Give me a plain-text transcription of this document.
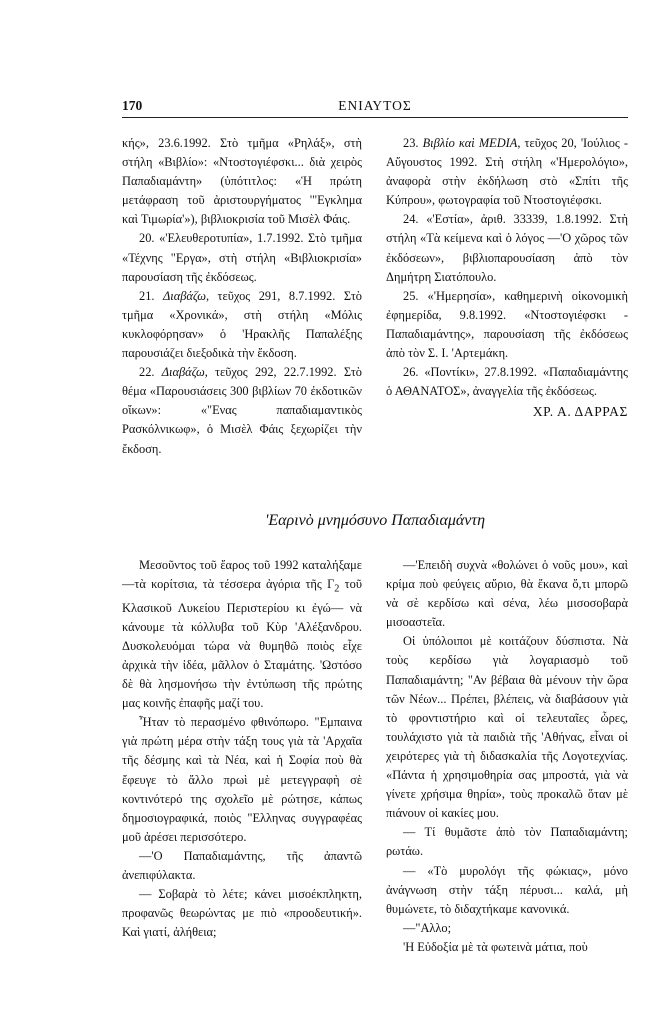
170	ΕΝΙΑΥΤΟΣ

κής», 23.6.1992. Στὸ τμῆμα «Ρηλάξ», στὴ στήλη «Βιβλίο»: «Ντοστογιέφσκι... διὰ χειρὸς Παπαδιαμάντη» (ὑπότιτλος: «Ἡ πρώτη μετάφραση τοῦ ἀριστουργήματος '"Εγκλημα καὶ Τιμωρία'»), βιβλιοκρισία τοῦ Μισὲλ Φάις.

20. «'Ελευθεροτυπία», 1.7.1992. Στὸ τμῆμα «Τέχνης "Εργα», στὴ στήλη «Βιβλιοκρισία» παρουσίαση τῆς ἐκδόσεως.

21. Διαβάζω, τεῦχος 291, 8.7.1992. Στὸ τμῆμα «Χρονικά», στὴ στήλη «Μόλις κυκλοφόρησαν» ὁ 'Ηρακλῆς Παπαλέξης παρουσιάζει διεξοδικὰ τὴν ἔκδοση.

22. Διαβάζω, τεῦχος 292, 22.7.1992. Στὸ θέμα «Παρουσιάσεις 300 βιβλίων 70 ἐκδοτικῶν οἴκων»: «"Ενας παπαδιαμαντικὸς Ρασκόλνικωφ», ὁ Μισὲλ Φάις ξεχωρίζει τὴν ἔκδοση.

23. Βιβλίο καὶ MEDIA, τεῦχος 20, 'Ιούλιος - Αὔγουστος 1992. Στὴ στήλη «'Ημερολόγιο», ἀναφορὰ στὴν ἐκδήλωση στὸ «Σπίτι τῆς Κύπρου», φωτογραφία τοῦ Ντοστογιέφσκι.

24. «'Εστία», ἀριθ. 33339, 1.8.1992. Στὴ στήλη «Τὰ κείμενα καὶ ὁ λόγος —'Ο χῶρος τῶν ἐκδόσεων», βιβλιοπαρουσίαση ἀπὸ τὸν Δημήτρη Σιατόπουλο.

25. «'Ημερησία», καθημερινὴ οἰκονομικὴ ἐφημερίδα, 9.8.1992. «Ντοστογιέφσκι - Παπαδιαμάντης», παρουσίαση τῆς ἐκδόσεως ἀπὸ τὸν Σ. Ι. 'Αρτεμάκη.

26. «Ποντίκι», 27.8.1992. «Παπαδιαμάντης ὁ ΑΘΑΝΑΤΟΣ», ἀναγγελία τῆς ἐκδόσεως.

ΧΡ. Α. ΔΑΡΡΑΣ
'Εαρινὸ μνημόσυνο Παπαδιαμάντη

Μεσοῦντος τοῦ ἔαρος τοῦ 1992 καταλήξαμε —τὰ κορίτσια, τὰ τέσσερα ἀγόρια τῆς $\Gamma_2$ τοῦ Κλασικοῦ Λυκείου Περιστερίου κι ἐγώ— νὰ κάνουμε τὰ κόλλυβα τοῦ Κὺρ 'Αλέξανδρου. Δυσκολευόμαι τώρα νὰ θυμηθῶ ποιὸς εἶχε ἀρχικὰ τὴν ἰδέα, μᾶλλον ὁ Σταμάτης. 'Ωστόσο δὲ θὰ λησμονήσω τὴν ἐντύπωση τῆς πρώτης μας κοινῆς ἐπαφῆς μαζί του.

Ἦταν τὸ περασμένο φθινόπωρο. "Εμπαινα γιὰ πρώτη μέρα στὴν τάξη τους γιὰ τὰ 'Αρχαῖα τῆς δέσμης καὶ τὰ Νέα, καὶ ἡ Σοφία ποὺ θὰ ἔφευγε τὸ ἄλλο πρωὶ μὲ μετεγγραφὴ σὲ κοντινότερό της σχολεῖο μὲ ρώτησε, κάπως δημοσιογραφικά, ποιὸς "Ελληνας συγγραφέας μοῦ ἀρέσει περισσότερο.

—'Ο Παπαδιαμάντης, τῆς ἀπαντῶ ἀνεπιφύλακτα.

— Σοβαρὰ τὸ λέτε; κάνει μισοέκπληκτη, προφανῶς θεωρώντας με πιὸ «προοδευτική». Καὶ γιατί, ἀλήθεια;

—'Επειδὴ συχνὰ «θολώνει ὁ νοῦς μου», καὶ κρίμα ποὺ φεύγεις αὔριο, θὰ ἔκανα ὅ,τι μπορῶ νὰ σὲ κερδίσω καὶ σένα, λέω μισοσοβαρὰ μισοαστεῖα.

Οἱ ὑπόλοιποι μὲ κοιτάζουν δύσπιστα. Νὰ τοὺς κερδίσω γιὰ λογαριασμὸ τοῦ Παπαδιαμάντη; "Αν βέβαια θὰ μένουν τὴν ὥρα τῶν Νέων... Πρέπει, βλέπεις, νὰ διαβάσουν γιὰ τὸ φροντιστήριο καὶ οἱ τελευταῖες ὧρες, τουλάχιστο γιὰ τὰ παιδιὰ τῆς 'Αθήνας, εἶναι οἱ χειρότερες γιὰ τὴ διδασκαλία τῆς Λογοτεχνίας. «Πάντα ἡ χρησιμοθηρία σας μπροστά, γιὰ νὰ γίνετε χρήσιμα θηρία», τοὺς προκαλῶ ὅταν μὲ πιάνουν οἱ κακίες μου.

— Τί θυμᾶστε ἀπὸ τὸν Παπαδιαμάντη; ρωτάω.

— «Τὸ μυρολόγι τῆς φώκιας», μόνο ἀνάγνωση στὴν τάξη πέρυσι... καλά, μὴ θυμώνετε, τὸ διδαχτήκαμε κανονικά.

—"Αλλο;

'Η Εὐδοξία μὲ τὰ φωτεινὰ μάτια, ποὺ
